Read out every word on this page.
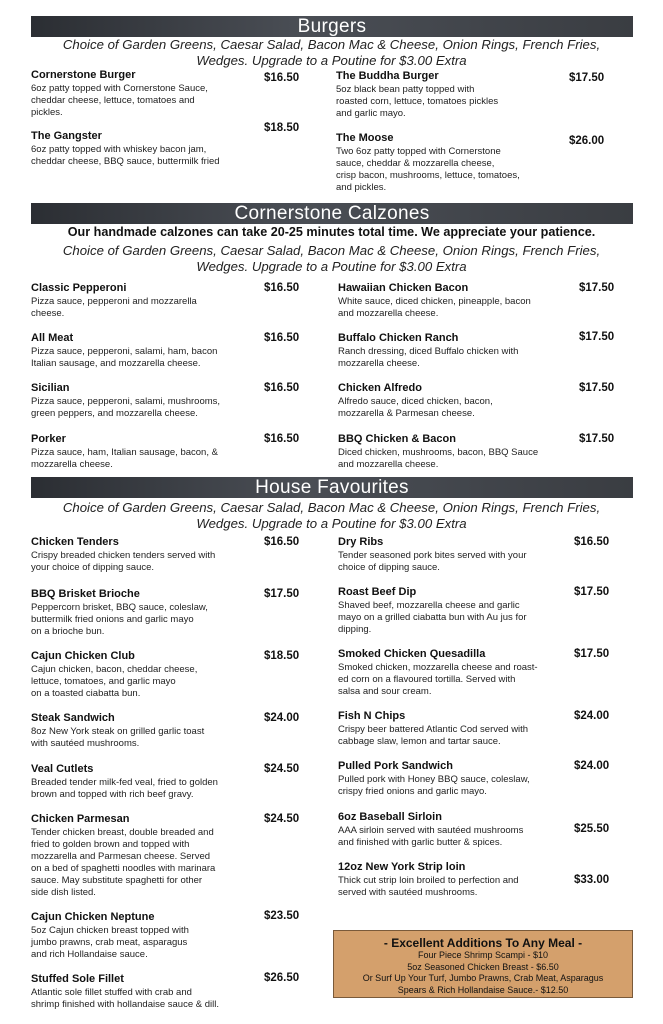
Burgers
Choice of Garden Greens, Caesar Salad, Bacon Mac & Cheese, Onion Rings, French Fries,
Wedges. Upgrade to a Poutine for $3.00 Extra
Cornerstone Burger
6oz patty topped with Cornerstone Sauce,
cheddar cheese, lettuce, tomatoes and
pickles.
$16.50
The Gangster
6oz patty topped with whiskey bacon jam,
cheddar cheese, BBQ sauce, buttermilk fried
$18.50
The Buddha Burger
5oz black bean patty topped with
roasted corn, lettuce, tomatoes pickles
and garlic mayo.
$17.50
The Moose
Two 6oz patty topped with Cornerstone
sauce, cheddar & mozzarella cheese,
crisp bacon, mushrooms, lettuce, tomatoes,
and pickles.
$26.00
Cornerstone Calzones
Our handmade calzones can take 20-25 minutes total time. We appreciate your patience.
Choice of Garden Greens, Caesar Salad, Bacon Mac & Cheese, Onion Rings, French Fries,
Wedges. Upgrade to a Poutine for $3.00 Extra
Classic Pepperoni
Pizza sauce, pepperoni and mozzarella
cheese.
$16.50
All Meat
Pizza sauce, pepperoni, salami, ham, bacon
Italian sausage, and mozzarella cheese.
$16.50
Sicilian
Pizza sauce, pepperoni, salami, mushrooms,
green peppers, and mozzarella cheese.
$16.50
Porker
Pizza sauce, ham, Italian sausage, bacon, &
mozzarella cheese.
$16.50
Hawaiian Chicken Bacon
White sauce, diced chicken, pineapple, bacon
and mozzarella cheese.
$17.50
Buffalo Chicken Ranch
Ranch dressing, diced Buffalo chicken with
mozzarella cheese.
$17.50
Chicken Alfredo
Alfredo sauce, diced chicken, bacon,
mozzarella & Parmesan cheese.
$17.50
BBQ Chicken & Bacon
Diced chicken, mushrooms, bacon, BBQ Sauce
and mozzarella cheese.
$17.50
House Favourites
Choice of Garden Greens, Caesar Salad, Bacon Mac & Cheese, Onion Rings, French Fries,
Wedges. Upgrade to a Poutine for $3.00 Extra
Chicken Tenders
Crispy breaded chicken tenders served with
your choice of dipping sauce.
$16.50
BBQ Brisket Brioche
Peppercorn brisket, BBQ sauce, coleslaw,
buttermilk fried onions and garlic mayo
on a brioche bun.
$17.50
Cajun Chicken Club
Cajun chicken, bacon, cheddar cheese,
lettuce, tomatoes, and garlic mayo
on a toasted ciabatta bun.
$18.50
Steak Sandwich
8oz New York steak on grilled garlic toast
with sautéed mushrooms.
$24.00
Veal Cutlets
Breaded tender milk-fed veal, fried to golden
brown and topped with rich beef gravy.
$24.50
Chicken Parmesan
Tender chicken breast, double breaded and
fried to golden brown and topped with
mozzarella and Parmesan cheese. Served
on a bed of spaghetti noodles with marinara
sauce. May substitute spaghetti for other
side dish listed.
$24.50
Cajun Chicken Neptune
5oz Cajun chicken breast topped with
jumbo prawns, crab meat, asparagus
and rich Hollandaise sauce.
$23.50
Stuffed Sole Fillet
Atlantic sole fillet stuffed with crab and
shrimp finished with hollandaise sauce & dill.
$26.50
Dry Ribs
Tender seasoned pork bites served with your
choice of dipping sauce.
$16.50
Roast Beef Dip
Shaved beef, mozzarella cheese and garlic
mayo on a grilled ciabatta bun with Au jus for
dipping.
$17.50
Smoked Chicken Quesadilla
Smoked chicken, mozzarella cheese and roast-
ed corn on a flavoured tortilla. Served with
salsa and sour cream.
$17.50
Fish N Chips
Crispy beer battered Atlantic Cod served with
cabbage slaw, lemon and tartar sauce.
$24.00
Pulled Pork Sandwich
Pulled pork with Honey BBQ sauce, coleslaw,
crispy fried onions and garlic mayo.
$24.00
6oz Baseball Sirloin
AAA sirloin served with sautéed mushrooms
and finished with garlic butter & spices.
$25.50
12oz New York Strip loin
Thick cut strip loin broiled to perfection and
served with sautéed mushrooms.
$33.00
- Excellent Additions To Any Meal -
Four Piece Shrimp Scampi - $10
5oz Seasoned Chicken Breast - $6.50
Or Surf Up Your Turf, Jumbo Prawns, Crab Meat, Asparagus
Spears & Rich Hollandaise Sauce.- $12.50
